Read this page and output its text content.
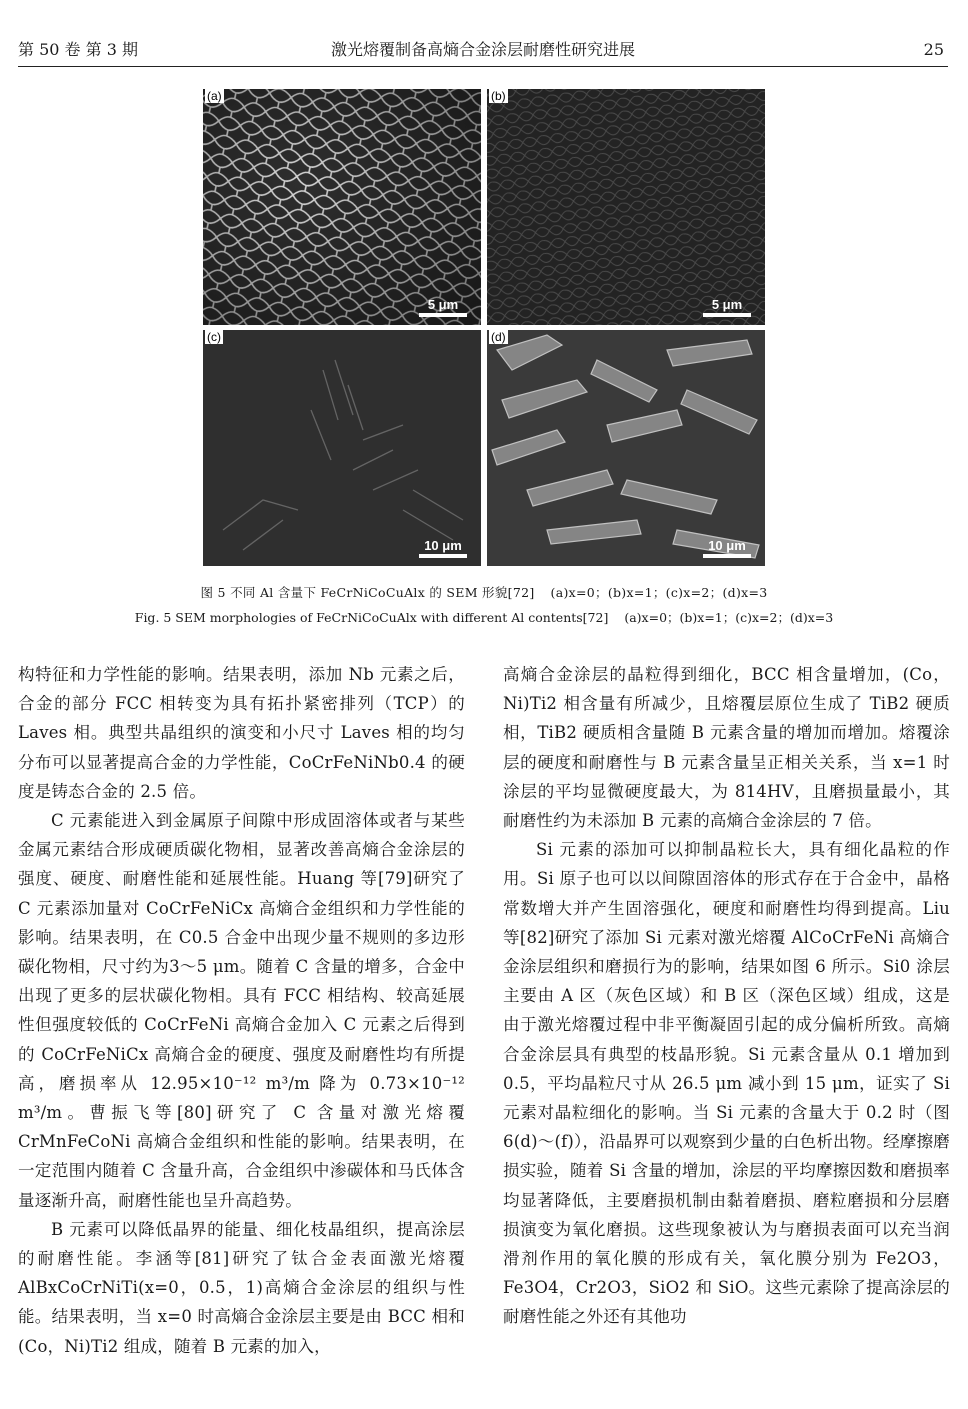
第 50 卷 第 3 期	激光熔覆制备高熵合金涂层耐磨性研究进展	25
(a)
5 μm
(b)
5 μm
(c)
10 μm
(d)
10 μm
图 5 不同 Al 含量下 FeCrNiCoCuAlx 的 SEM 形貌[72] (a)x=0；(b)x=1；(c)x=2；(d)x=3
Fig. 5 SEM morphologies of FeCrNiCoCuAlx with different Al contents[72] (a)x=0；(b)x=1；(c)x=2；(d)x=3

构特征和力学性能的影响。结果表明，添加 Nb 元素之后，合金的部分 FCC 相转变为具有拓扑紧密排列（TCP）的 Laves 相。典型共晶组织的演变和小尺寸 Laves 相的均匀分布可以显著提高合金的力学性能，CoCrFeNiNb0.4 的硬度是铸态合金的 2.5 倍。

C 元素能进入到金属原子间隙中形成固溶体或者与某些金属元素结合形成硬质碳化物相，显著改善高熵合金涂层的强度、硬度、耐磨性能和延展性能。Huang 等[79]研究了 C 元素添加量对 CoCrFeNiCx 高熵合金组织和力学性能的影响。结果表明，在 C0.5 合金中出现少量不规则的多边形碳化物相，尺寸约为3～5 μm。随着 C 含量的增多，合金中出现了更多的层状碳化物相。具有 FCC 相结构、较高延展性但强度较低的 CoCrFeNi 高熵合金加入 C 元素之后得到的 CoCrFeNiCx 高熵合金的硬度、强度及耐磨性均有所提高，磨损率从 12.95×10⁻¹² m³/m 降为 0.73×10⁻¹² m³/m。曹振飞等[80]研究了 C 含量对激光熔覆 CrMnFeCoNi 高熵合金组织和性能的影响。结果表明，在一定范围内随着 C 含量升高，合金组织中渗碳体和马氏体含量逐渐升高，耐磨性能也呈升高趋势。

B 元素可以降低晶界的能量、细化枝晶组织，提高涂层的耐磨性能。李涵等[81]研究了钛合金表面激光熔覆 AlBxCoCrNiTi(x=0，0.5，1)高熵合金涂层的组织与性能。结果表明，当 x=0 时高熵合金涂层主要是由 BCC 相和(Co，Ni)Ti2 组成，随着 B 元素的加入，

高熵合金涂层的晶粒得到细化，BCC 相含量增加，(Co，Ni)Ti2 相含量有所减少，且熔覆层原位生成了 TiB2 硬质相，TiB2 硬质相含量随 B 元素含量的增加而增加。熔覆涂层的硬度和耐磨性与 B 元素含量呈正相关关系，当 x=1 时涂层的平均显微硬度最大，为 814HV，且磨损量最小，其耐磨性约为未添加 B 元素的高熵合金涂层的 7 倍。

Si 元素的添加可以抑制晶粒长大，具有细化晶粒的作用。Si 原子也可以以间隙固溶体的形式存在于合金中，晶格常数增大并产生固溶强化，硬度和耐磨性均得到提高。Liu 等[82]研究了添加 Si 元素对激光熔覆 AlCoCrFeNi 高熵合金涂层组织和磨损行为的影响，结果如图 6 所示。Si0 涂层主要由 A 区（灰色区域）和 B 区（深色区域）组成，这是由于激光熔覆过程中非平衡凝固引起的成分偏析所致。高熵合金涂层具有典型的枝晶形貌。Si 元素含量从 0.1 增加到 0.5，平均晶粒尺寸从 26.5 μm 减小到 15 μm，证实了 Si 元素对晶粒细化的影响。当 Si 元素的含量大于 0.2 时（图 6(d)～(f)），沿晶界可以观察到少量的白色析出物。经摩擦磨损实验，随着 Si 含量的增加，涂层的平均摩擦因数和磨损率均显著降低，主要磨损机制由黏着磨损、磨粒磨损和分层磨损演变为氧化磨损。这些现象被认为与磨损表面可以充当润滑剂作用的氧化膜的形成有关，氧化膜分别为 Fe2O3，Fe3O4，Cr2O3，SiO2 和 SiO。这些元素除了提高涂层的耐磨性能之外还有其他功
